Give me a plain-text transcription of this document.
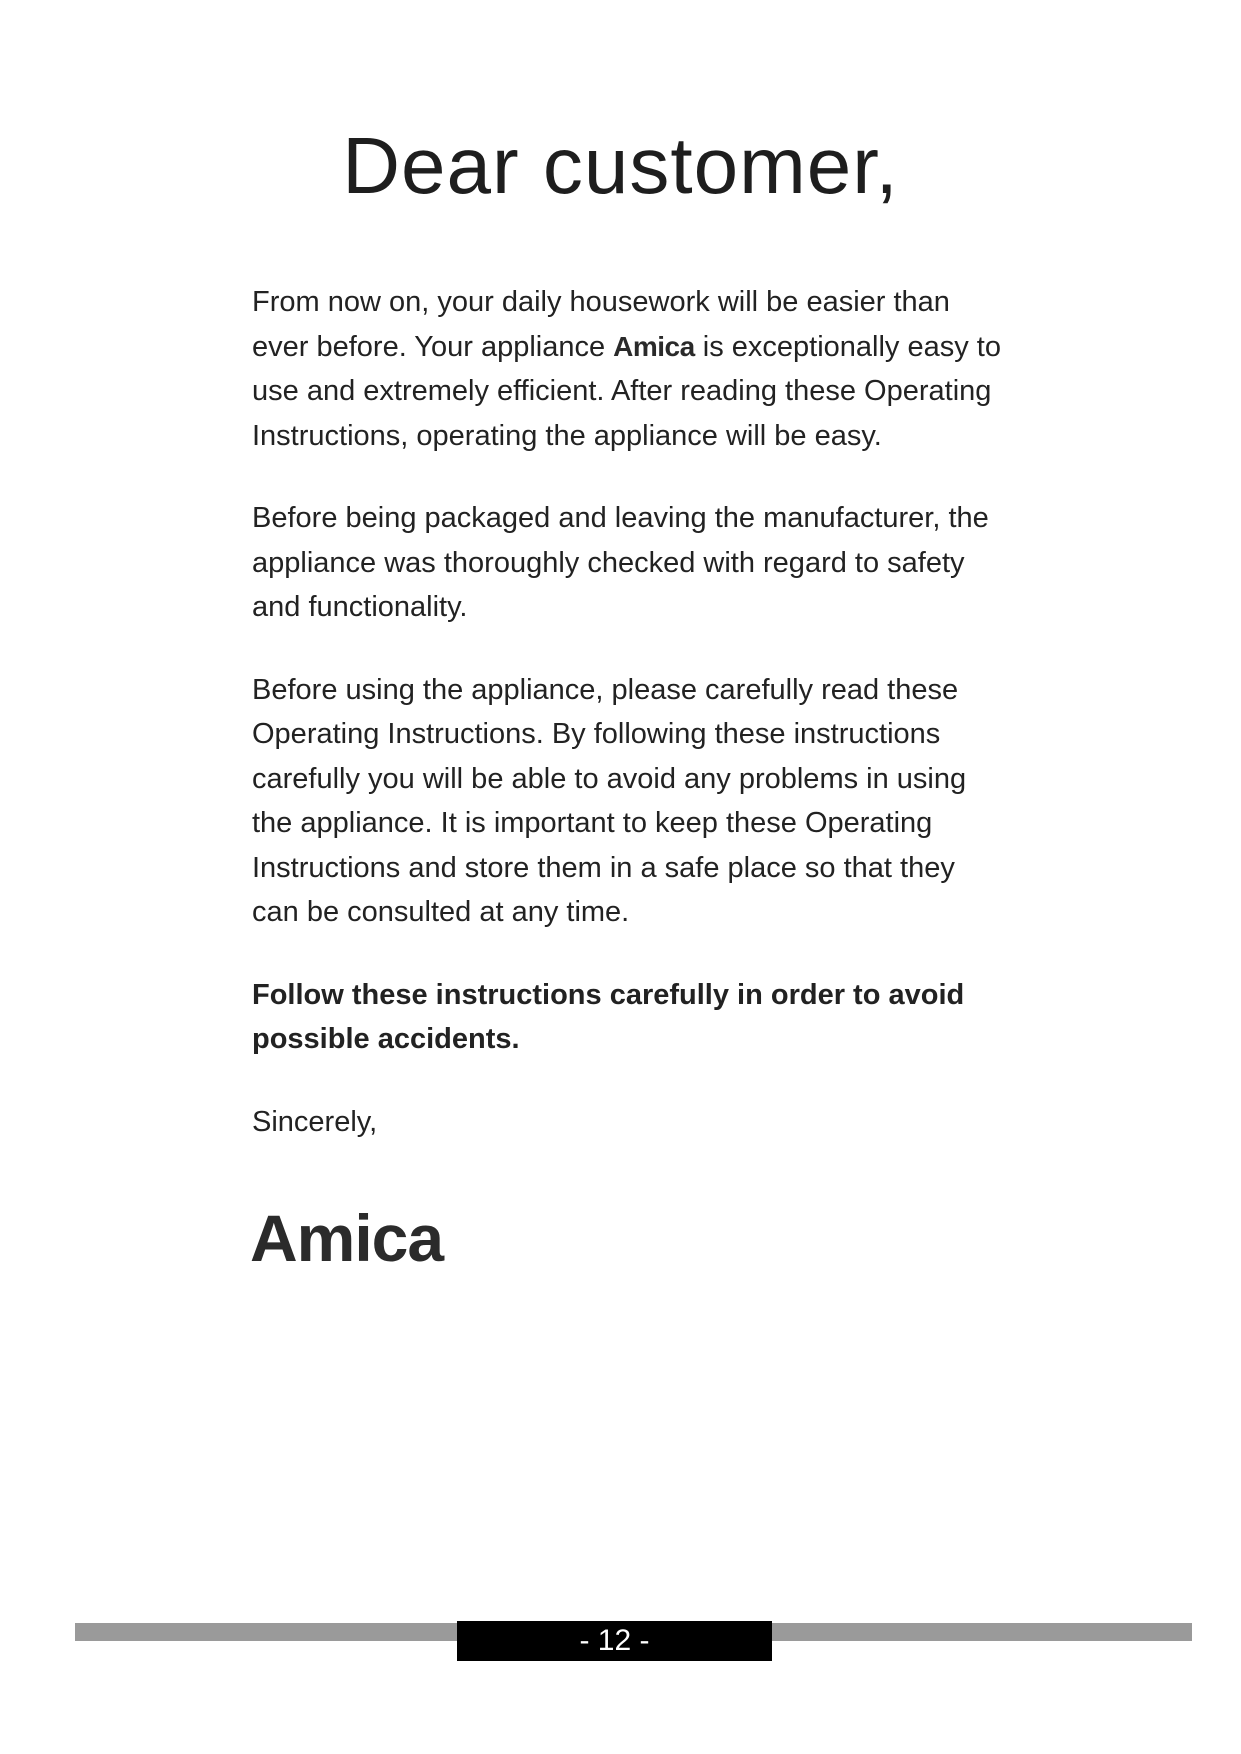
Dear customer,

From now on, your daily housework will be easier than ever before. Your appliance Amica is exceptionally easy to use and extremely efficient. After reading these Operating Instructions, operating the appliance will be easy.

Before being packaged and leaving the manufacturer, the appliance was thoroughly checked with regard to safety and functionality.

Before using the appliance, please carefully read these Operating Instructions. By following these instructions carefully you will be able to avoid any problems in using the appliance. It is important to keep these Operating Instructions and store them in a safe place so that they can be consulted at any time.

Follow these instructions carefully in order to avoid possible accidents.

Sincerely,

Amica
- 12 -
